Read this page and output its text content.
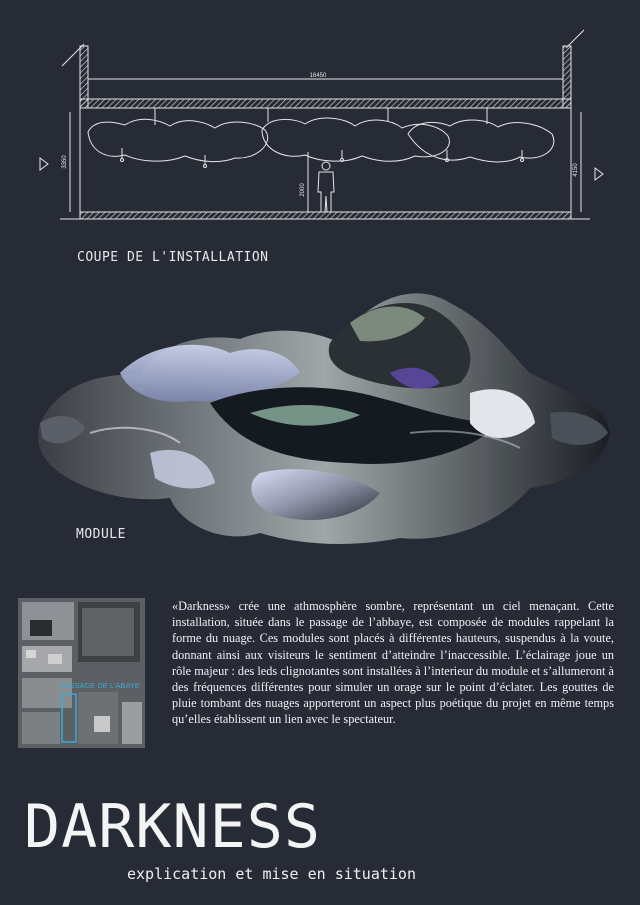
16450
3350
4150
2000
COUPE DE L'INSTALLATION
MODULE
PASSAGE DE L'ABAYE

«Darkness» crée une athmosphère sombre, représentant un ciel menaçant. Cette installation, située dans le passage de l’abbaye, est composée de modules rappelant la forme du nuage. Ces modules sont placés à différentes hauteurs, suspendus à la voute, donnant ainsi aux visiteurs le sentiment d’atteindre l’inaccessible. L’éclairage joue un rôle majeur : des leds clignotantes sont installées à l’interieur du module et s’allumeront à des fréquences différentes pour simuler un orage sur le point d’éclater. Les gouttes de pluie tombant des nuages apporteront un aspect plus poétique du projet en même temps qu’elles établissent un lien avec le spectateur.

DARKNESS
explication et mise en situation
